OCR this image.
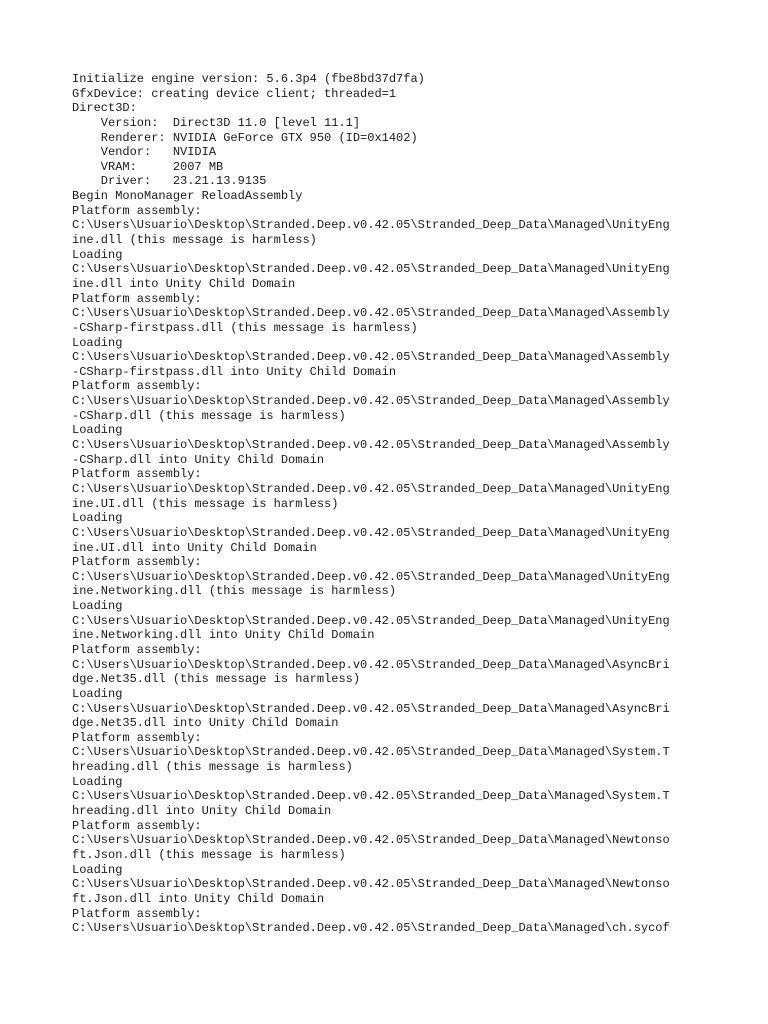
Initialize engine version: 5.6.3p4 (fbe8bd37d7fa)
GfxDevice: creating device client; threaded=1
Direct3D:
Version:  Direct3D 11.0 [level 11.1]
Renderer: NVIDIA GeForce GTX 950 (ID=0x1402)
Vendor:   NVIDIA
VRAM:     2007 MB
Driver:   23.21.13.9135
Begin MonoManager ReloadAssembly
Platform assembly:
C:\Users\Usuario\Desktop\Stranded.Deep.v0.42.05\Stranded_Deep_Data\Managed\UnityEng
ine.dll (this message is harmless)
Loading
C:\Users\Usuario\Desktop\Stranded.Deep.v0.42.05\Stranded_Deep_Data\Managed\UnityEng
ine.dll into Unity Child Domain
Platform assembly:
C:\Users\Usuario\Desktop\Stranded.Deep.v0.42.05\Stranded_Deep_Data\Managed\Assembly
-CSharp-firstpass.dll (this message is harmless)
Loading
C:\Users\Usuario\Desktop\Stranded.Deep.v0.42.05\Stranded_Deep_Data\Managed\Assembly
-CSharp-firstpass.dll into Unity Child Domain
Platform assembly:
C:\Users\Usuario\Desktop\Stranded.Deep.v0.42.05\Stranded_Deep_Data\Managed\Assembly
-CSharp.dll (this message is harmless)
Loading
C:\Users\Usuario\Desktop\Stranded.Deep.v0.42.05\Stranded_Deep_Data\Managed\Assembly
-CSharp.dll into Unity Child Domain
Platform assembly:
C:\Users\Usuario\Desktop\Stranded.Deep.v0.42.05\Stranded_Deep_Data\Managed\UnityEng
ine.UI.dll (this message is harmless)
Loading
C:\Users\Usuario\Desktop\Stranded.Deep.v0.42.05\Stranded_Deep_Data\Managed\UnityEng
ine.UI.dll into Unity Child Domain
Platform assembly:
C:\Users\Usuario\Desktop\Stranded.Deep.v0.42.05\Stranded_Deep_Data\Managed\UnityEng
ine.Networking.dll (this message is harmless)
Loading
C:\Users\Usuario\Desktop\Stranded.Deep.v0.42.05\Stranded_Deep_Data\Managed\UnityEng
ine.Networking.dll into Unity Child Domain
Platform assembly:
C:\Users\Usuario\Desktop\Stranded.Deep.v0.42.05\Stranded_Deep_Data\Managed\AsyncBri
dge.Net35.dll (this message is harmless)
Loading
C:\Users\Usuario\Desktop\Stranded.Deep.v0.42.05\Stranded_Deep_Data\Managed\AsyncBri
dge.Net35.dll into Unity Child Domain
Platform assembly:
C:\Users\Usuario\Desktop\Stranded.Deep.v0.42.05\Stranded_Deep_Data\Managed\System.T
hreading.dll (this message is harmless)
Loading
C:\Users\Usuario\Desktop\Stranded.Deep.v0.42.05\Stranded_Deep_Data\Managed\System.T
hreading.dll into Unity Child Domain
Platform assembly:
C:\Users\Usuario\Desktop\Stranded.Deep.v0.42.05\Stranded_Deep_Data\Managed\Newtonso
ft.Json.dll (this message is harmless)
Loading
C:\Users\Usuario\Desktop\Stranded.Deep.v0.42.05\Stranded_Deep_Data\Managed\Newtonso
ft.Json.dll into Unity Child Domain
Platform assembly:
C:\Users\Usuario\Desktop\Stranded.Deep.v0.42.05\Stranded_Deep_Data\Managed\ch.sycof
